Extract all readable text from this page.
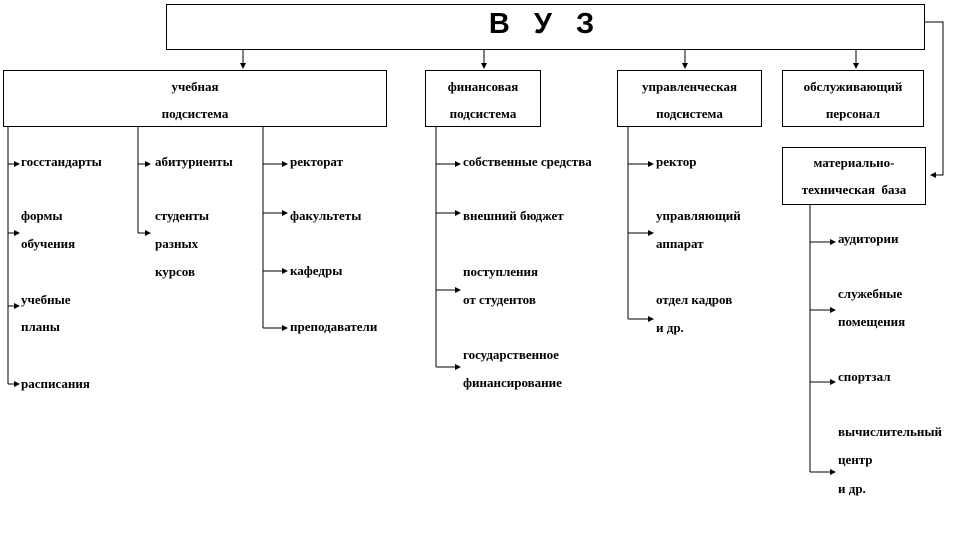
В У З
учебная
подсистема
финансовая
подсистема
управленческая
подсистема
обслуживающий
персонал
материально-
техническая  база
госстандарты
формы
обучения
учебные
планы
расписания
абитуриенты
студенты
разных
курсов
ректорат
факультеты
кафедры
преподаватели
собственные средства
внешний бюджет
поступления
от студентов
государственное
финансирование
ректор
управляющий
аппарат
отдел кадров
и др.
аудитории
служебные
помещения
спортзал
вычислительный
центр
и др.
